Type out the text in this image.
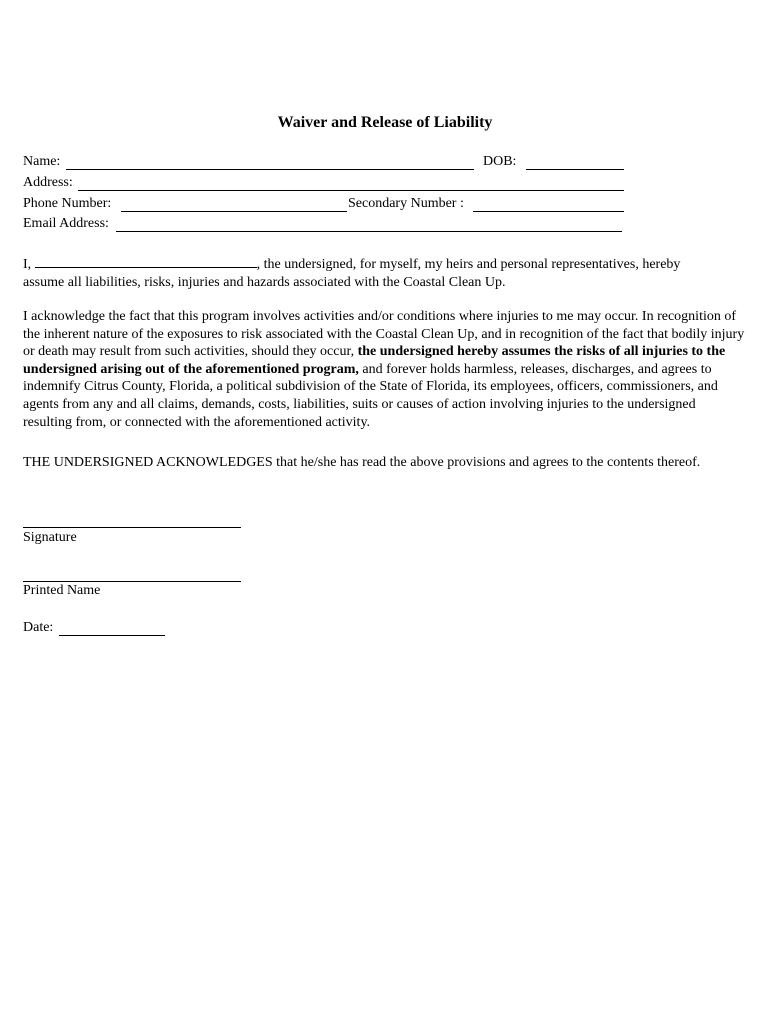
Waiver and Release of Liability
Name:	DOB:
Address:
Phone Number:	Secondary Number :
Email Address:
I,	, the undersigned, for myself, my heirs and personal representatives, hereby
assume all liabilities, risks, injuries and hazards associated with the Coastal Clean Up.
I acknowledge the fact that this program involves activities and/or conditions where injuries to me may occur. In recognition of the inherent nature of the exposures to risk associated with the Coastal Clean Up, and in recognition of the fact that bodily injury or death may result from such activities, should they occur, the undersigned hereby assumes the risks of all injuries to the undersigned arising out of the aforementioned program, and forever holds harmless, releases, discharges, and agrees to indemnify Citrus County, Florida, a political subdivision of the State of Florida, its employees, officers, commissioners, and agents from any and all claims, demands, costs, liabilities, suits or causes of action involving injuries to the undersigned resulting from, or connected with the aforementioned activity.
THE UNDERSIGNED ACKNOWLEDGES that he/she has read the above provisions and agrees to the contents thereof.
Signature
Printed Name
Date:
